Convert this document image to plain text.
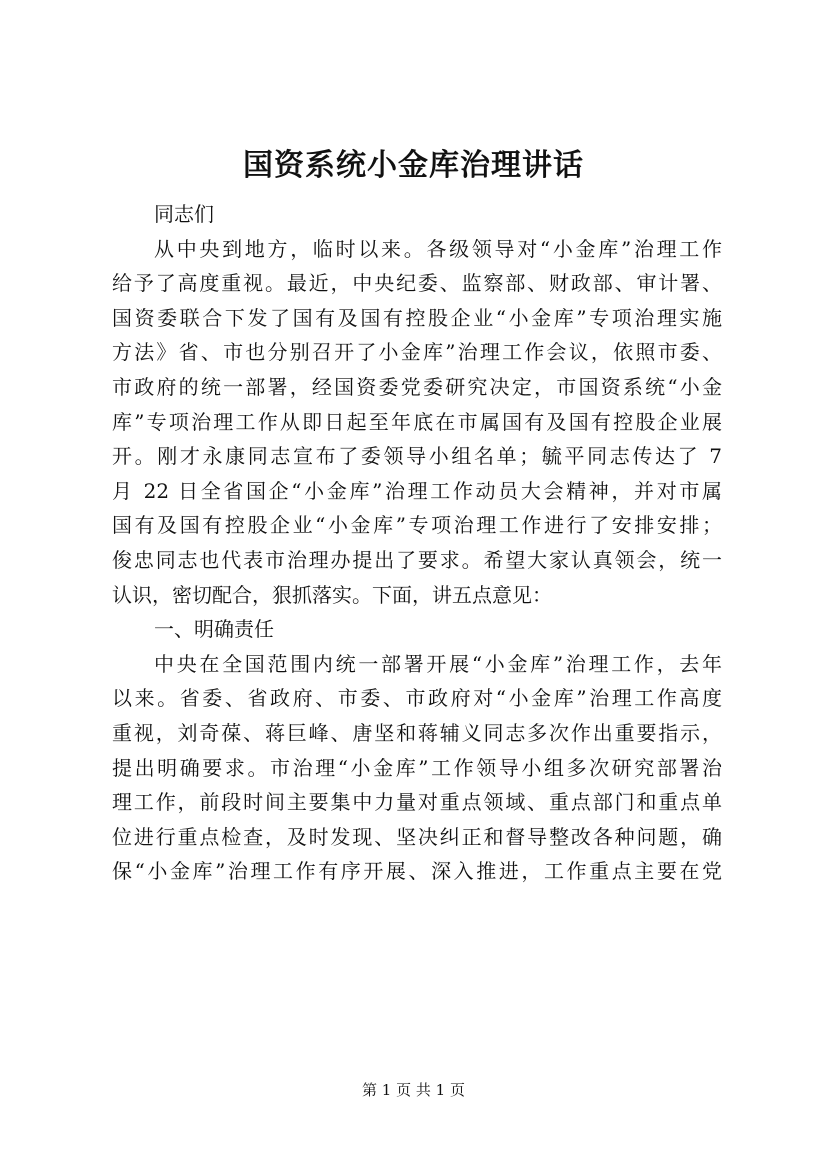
国资系统小金库治理讲话
同志们
从中央到地方，临时以来。各级领导对“小金库”治理工作
给予了高度重视。最近，中央纪委、监察部、财政部、审计署、
国资委联合下发了国有及国有控股企业“小金库”专项治理实施
方法》省、市也分别召开了小金库”治理工作会议，依照市委、
市政府的统一部署，经国资委党委研究决定，市国资系统“小金
库”专项治理工作从即日起至年底在市属国有及国有控股企业展
开。刚才永康同志宣布了委领导小组名单；毓平同志传达了 7
月 22 日全省国企“小金库”治理工作动员大会精神，并对市属
国有及国有控股企业“小金库”专项治理工作进行了安排安排；
俊忠同志也代表市治理办提出了要求。希望大家认真领会，统一
认识，密切配合，狠抓落实。下面，讲五点意见：
一、明确责任
中央在全国范围内统一部署开展“小金库”治理工作，去年
以来。省委、省政府、市委、市政府对“小金库”治理工作高度
重视，刘奇葆、蒋巨峰、唐坚和蒋辅义同志多次作出重要指示，
提出明确要求。市治理“小金库”工作领导小组多次研究部署治
理工作，前段时间主要集中力量对重点领域、重点部门和重点单
位进行重点检查，及时发现、坚决纠正和督导整改各种问题，确
保“小金库”治理工作有序开展、深入推进，工作重点主要在党
第 1 页 共 1 页
